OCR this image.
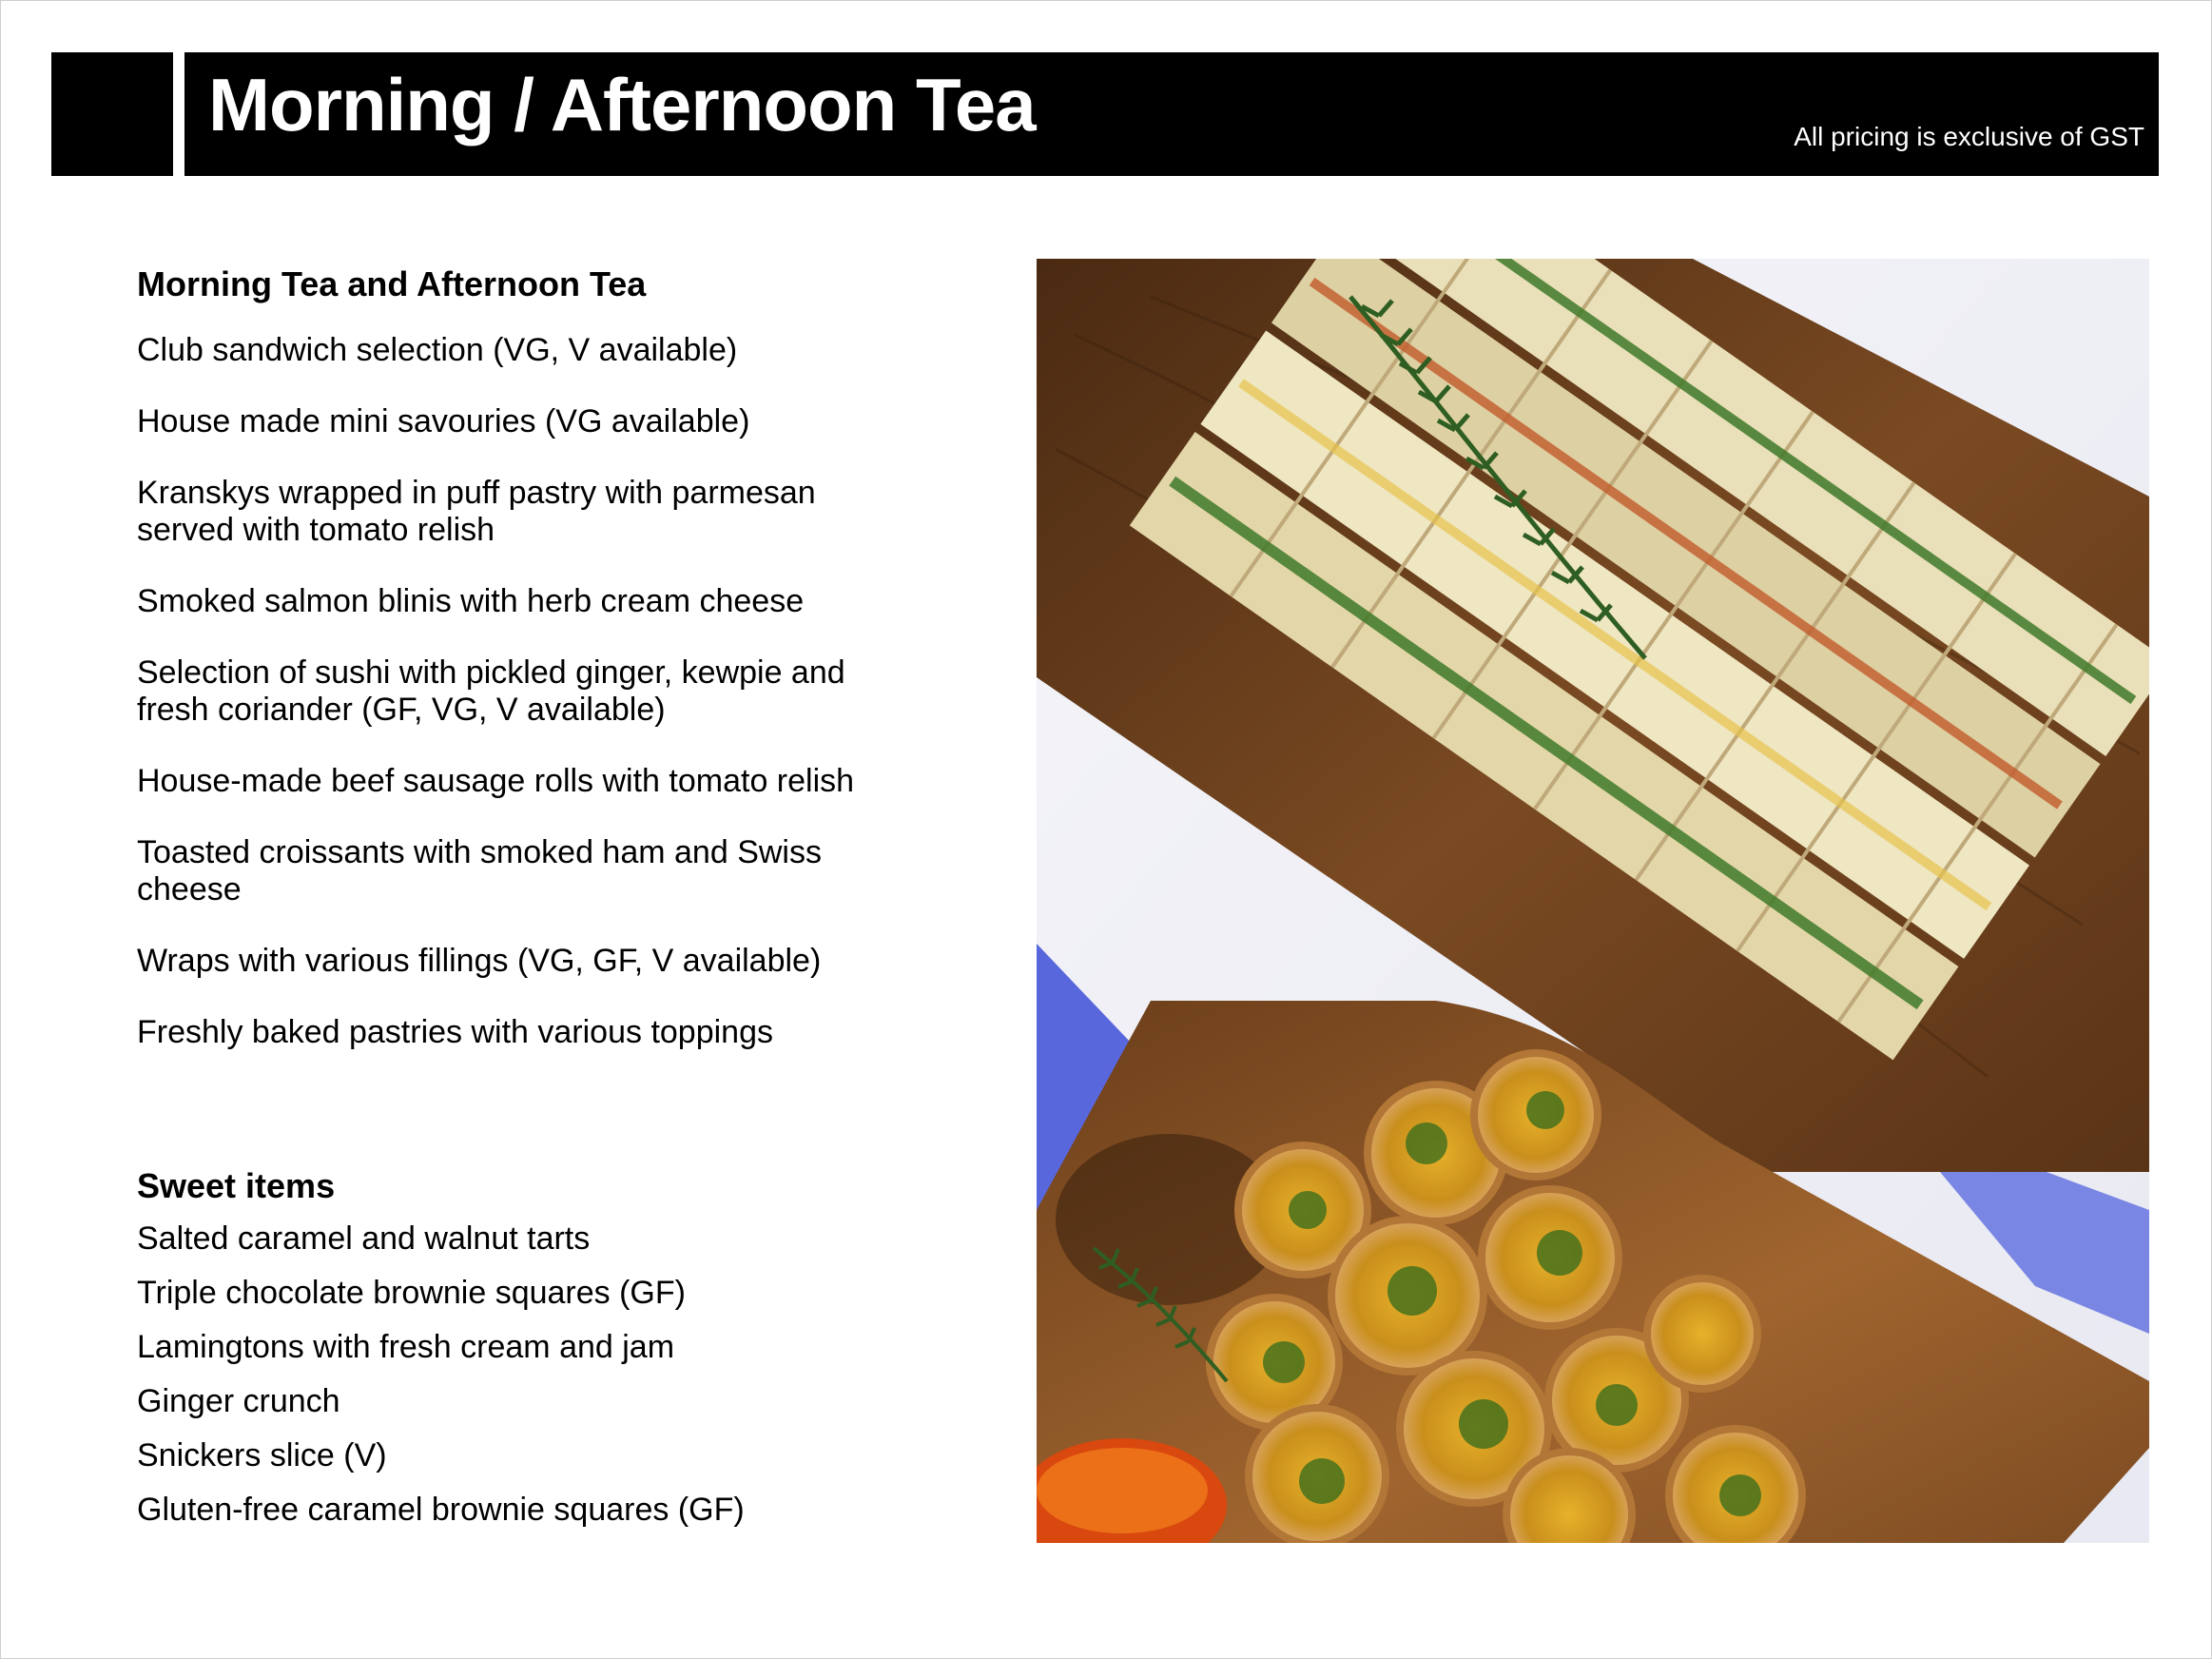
Morning / Afternoon Tea	All pricing is exclusive of GST
Morning Tea and Afternoon Tea
Club sandwich selection (VG, V available)
House made mini savouries (VG available)
Kranskys wrapped in puff pastry with parmesan served with tomato relish
Smoked salmon blinis with herb cream cheese
Selection of sushi with pickled ginger, kewpie and fresh coriander (GF, VG, V available)
House-made beef sausage rolls with tomato relish
Toasted croissants with smoked ham and Swiss cheese
Wraps with various fillings (VG, GF, V available)
Freshly baked pastries with various toppings
Sweet items
Salted caramel and walnut tarts
Triple chocolate brownie squares (GF)
Lamingtons with fresh cream and jam
Ginger crunch
Snickers slice (V)
Gluten-free caramel brownie squares (GF)
